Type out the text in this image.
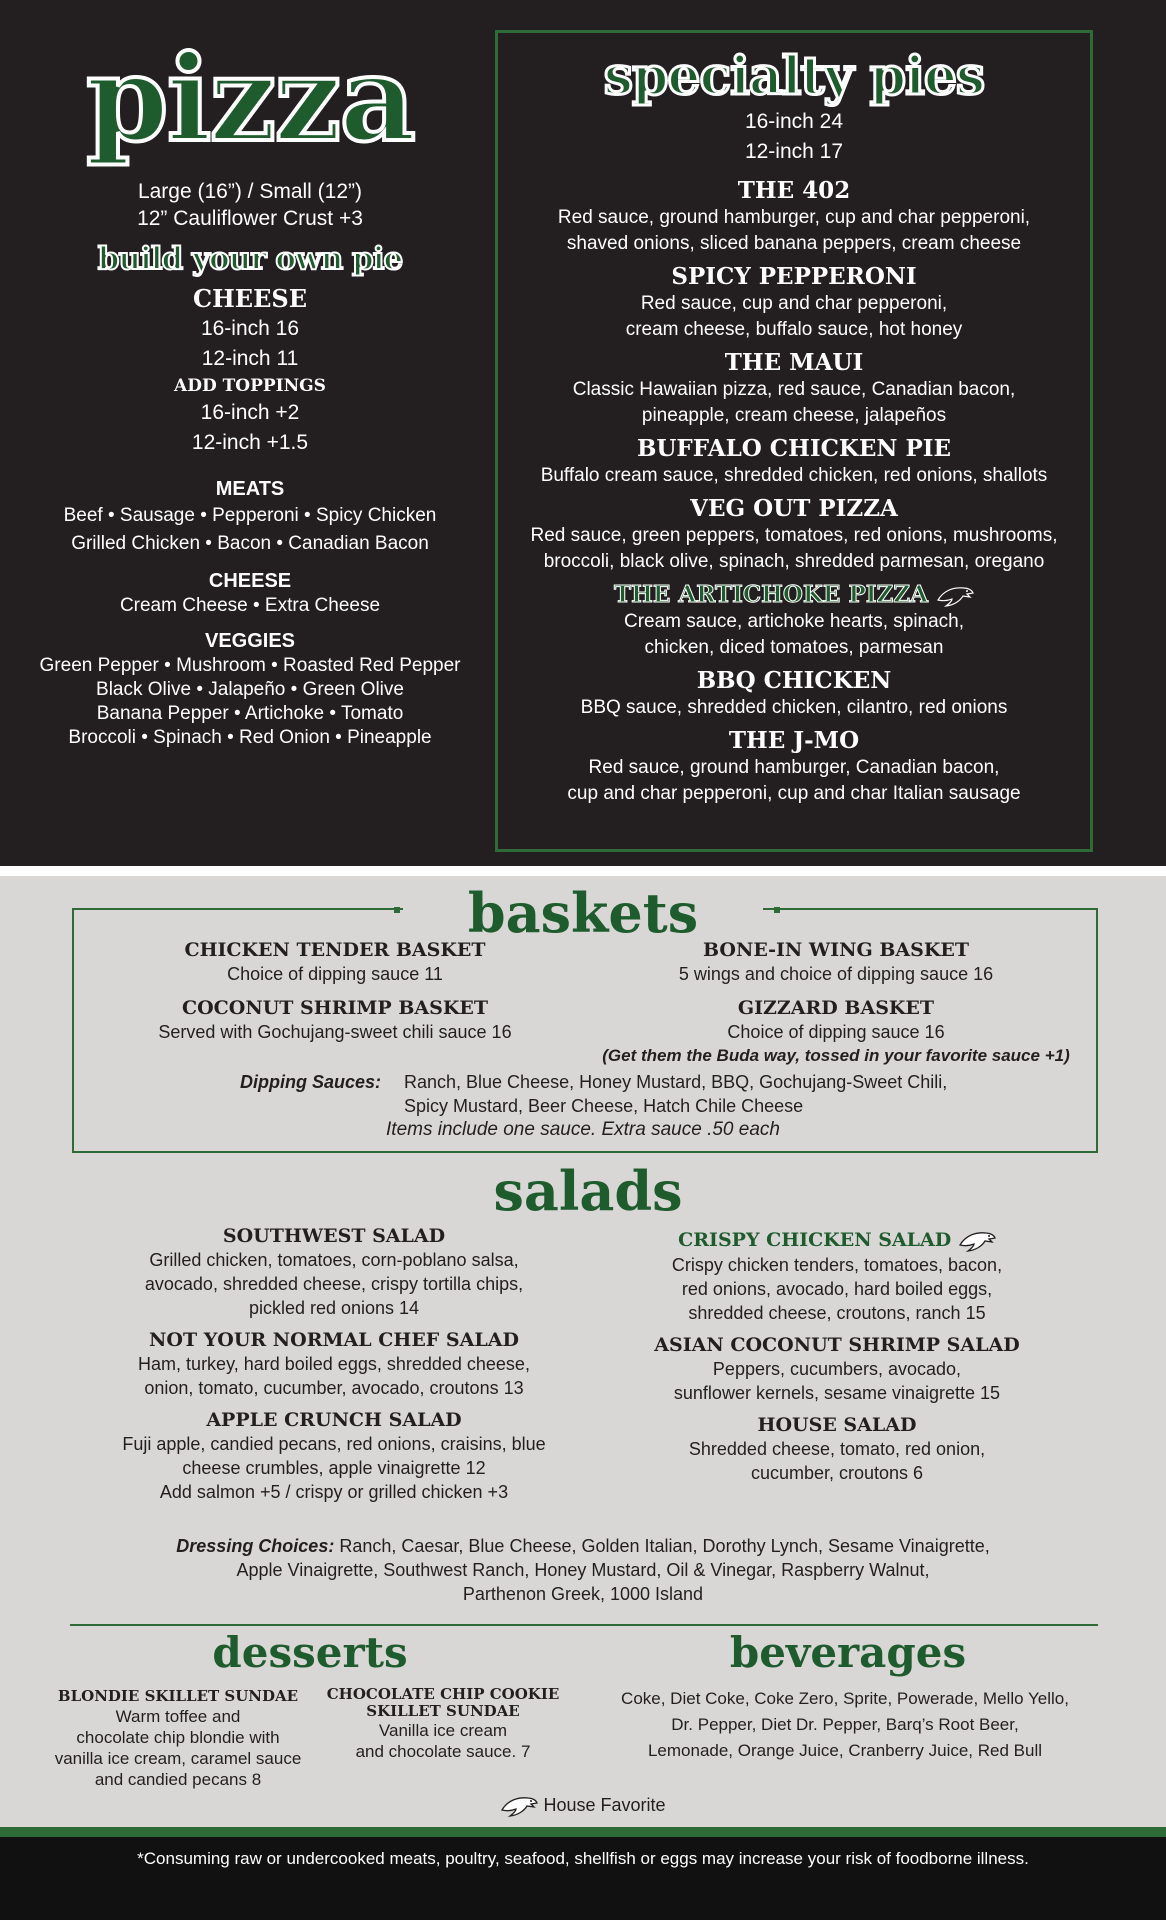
pizza
Large (16”) / Small (12”)
12” Cauliflower Crust +3
build your own pie
CHEESE
16-inch 16
12-inch 11
ADD TOPPINGS
16-inch +2
12-inch +1.5
MEATS
Beef • Sausage • Pepperoni • Spicy Chicken
Grilled Chicken • Bacon • Canadian Bacon
CHEESE
Cream Cheese • Extra Cheese
VEGGIES
Green Pepper • Mushroom • Roasted Red Pepper
Black Olive • Jalapeño • Green Olive
Banana Pepper • Artichoke • Tomato
Broccoli • Spinach • Red Onion • Pineapple
specialty pies
16-inch 24
12-inch 17
THE 402
Red sauce, ground hamburger, cup and char pepperoni,
shaved onions, sliced banana peppers, cream cheese
SPICY PEPPERONI
Red sauce, cup and char pepperoni,
cream cheese, buffalo sauce, hot honey
THE MAUI
Classic Hawaiian pizza, red sauce, Canadian bacon,
pineapple, cream cheese, jalapeños
BUFFALO CHICKEN PIE
Buffalo cream sauce, shredded chicken, red onions, shallots
VEG OUT PIZZA
Red sauce, green peppers, tomatoes, red onions, mushrooms,
broccoli, black olive, spinach, shredded parmesan, oregano
THE ARTICHOKE PIZZA
Cream sauce, artichoke hearts, spinach,
chicken, diced tomatoes, parmesan
BBQ CHICKEN
BBQ sauce, shredded chicken, cilantro, red onions
THE J-MO
Red sauce, ground hamburger, Canadian bacon,
cup and char pepperoni, cup and char Italian sausage
baskets
CHICKEN TENDER BASKET
Choice of dipping sauce 11
COCONUT SHRIMP BASKET
Served with Gochujang-sweet chili sauce 16
BONE-IN WING BASKET
5 wings and choice of dipping sauce 16
GIZZARD BASKET
Choice of dipping sauce 16
(Get them the Buda way, tossed in your favorite sauce +1)
Dipping Sauces:	Ranch, Blue Cheese, Honey Mustard, BBQ, Gochujang-Sweet Chili,
Spicy Mustard, Beer Cheese, Hatch Chile Cheese
Items include one sauce. Extra sauce .50 each
salads
SOUTHWEST SALAD
Grilled chicken, tomatoes, corn-poblano salsa,
avocado, shredded cheese, crispy tortilla chips,
pickled red onions 14
NOT YOUR NORMAL CHEF SALAD
Ham, turkey, hard boiled eggs, shredded cheese,
onion, tomato, cucumber, avocado, croutons 13
APPLE CRUNCH SALAD
Fuji apple, candied pecans, red onions, craisins, blue
cheese crumbles, apple vinaigrette 12
Add salmon +5 / crispy or grilled chicken +3
CRISPY CHICKEN SALAD
Crispy chicken tenders, tomatoes, bacon,
red onions, avocado, hard boiled eggs,
shredded cheese, croutons, ranch 15
ASIAN COCONUT SHRIMP SALAD
Peppers, cucumbers, avocado,
sunflower kernels, sesame vinaigrette 15
HOUSE SALAD
Shredded cheese, tomato, red onion,
cucumber, croutons 6
Dressing Choices: Ranch, Caesar, Blue Cheese, Golden Italian, Dorothy Lynch, Sesame Vinaigrette,
Apple Vinaigrette, Southwest Ranch, Honey Mustard, Oil & Vinegar, Raspberry Walnut,
Parthenon Greek, 1000 Island
desserts
BLONDIE SKILLET SUNDAE
Warm toffee and
chocolate chip blondie with
vanilla ice cream, caramel sauce
and candied pecans 8
CHOCOLATE CHIP COOKIE
SKILLET SUNDAE
Vanilla ice cream
and chocolate sauce. 7
beverages
Coke, Diet Coke, Coke Zero, Sprite, Powerade, Mello Yello,
Dr. Pepper, Diet Dr. Pepper, Barq’s Root Beer,
Lemonade, Orange Juice, Cranberry Juice, Red Bull
House Favorite
*Consuming raw or undercooked meats, poultry, seafood, shellfish or eggs may increase your risk of foodborne illness.
